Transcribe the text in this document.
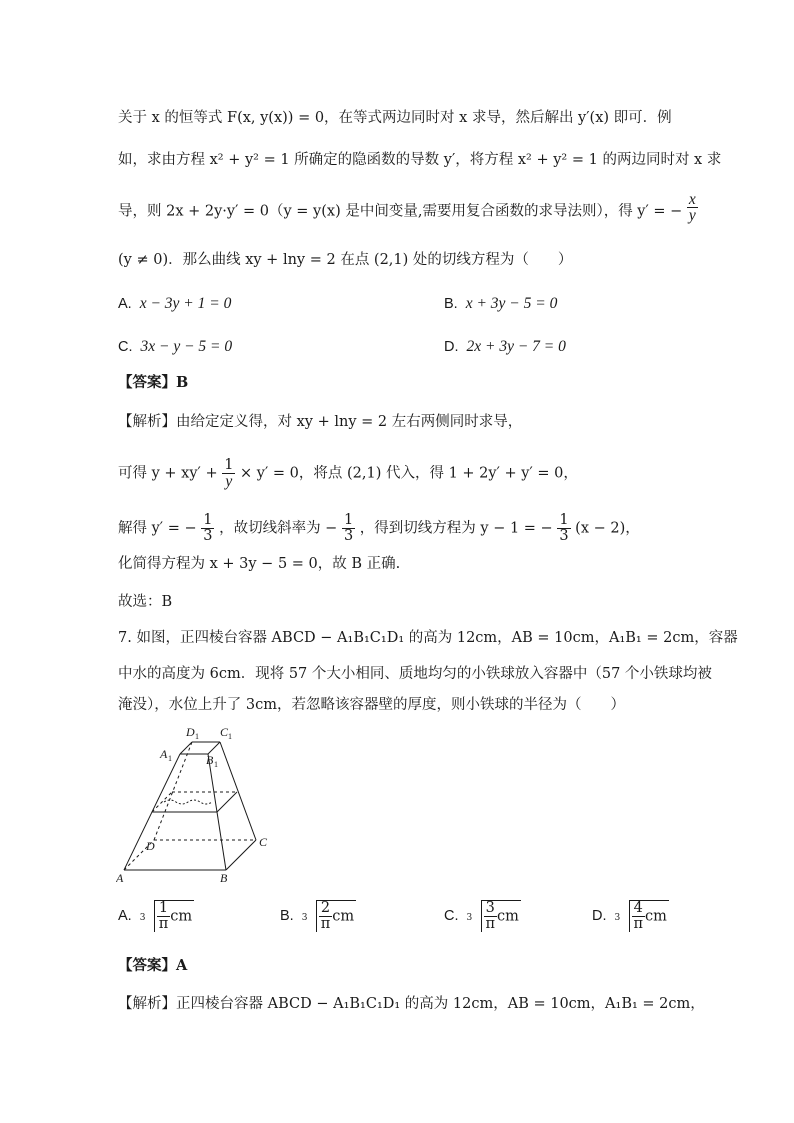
关于 x 的恒等式 F(x, y(x)) = 0，在等式两边同时对 x 求导，然后解出 y′(x) 即可．例
如，求由方程 x² + y² = 1 所确定的隐函数的导数 y′，将方程 x² + y² = 1 的两边同时对 x 求
导，则 2x + 2y·y′ = 0（y = y(x) 是中间变量,需要用复合函数的求导法则），得 y′ = − $\frac{x}{y}$
(y ≠ 0)．那么曲线 xy + lny = 2 在点 (2,1) 处的切线方程为（　　）
A. x − 3y + 1 = 0	B. x + 3y − 5 = 0
C. 3x − y − 5 = 0	D. 2x + 3y − 7 = 0
【答案】B
【解析】由给定定义得，对 xy + lny = 2 左右两侧同时求导，
可得 $y + xy' + \frac{1}{y} \times y' = 0$，将点 (2,1) 代入，得 1 + 2y′ + y′ = 0，
解得 y′ = − $\frac{1}{3}$ ，故切线斜率为 − $\frac{1}{3}$ ，得到切线方程为 y − 1 = − $\frac{1}{3} (x - 2)$，
化简得方程为 x + 3y − 5 = 0，故 B 正确.
故选：B
7. 如图，正四棱台容器 ABCD − A₁B₁C₁D₁ 的高为 12cm，AB = 10cm，A₁B₁ = 2cm，容器
中水的高度为 6cm．现将 57 个大小相同、质地均匀的小铁球放入容器中（57 个小铁球均被
淹没），水位上升了 3cm，若忽略该容器壁的厚度，则小铁球的半径为（　　）
A	B
C
D
A 1	B 1
C 1
D 1
A. $3 \frac{1}{\pi}$ cm	B. $3 \frac{2}{\pi}$ cm	C. $3 \frac{3}{\pi}$ cm	D. $3 \frac{4}{\pi}$ cm
【答案】A
【解析】正四棱台容器 ABCD − A₁B₁C₁D₁ 的高为 12cm，AB = 10cm，A₁B₁ = 2cm，
